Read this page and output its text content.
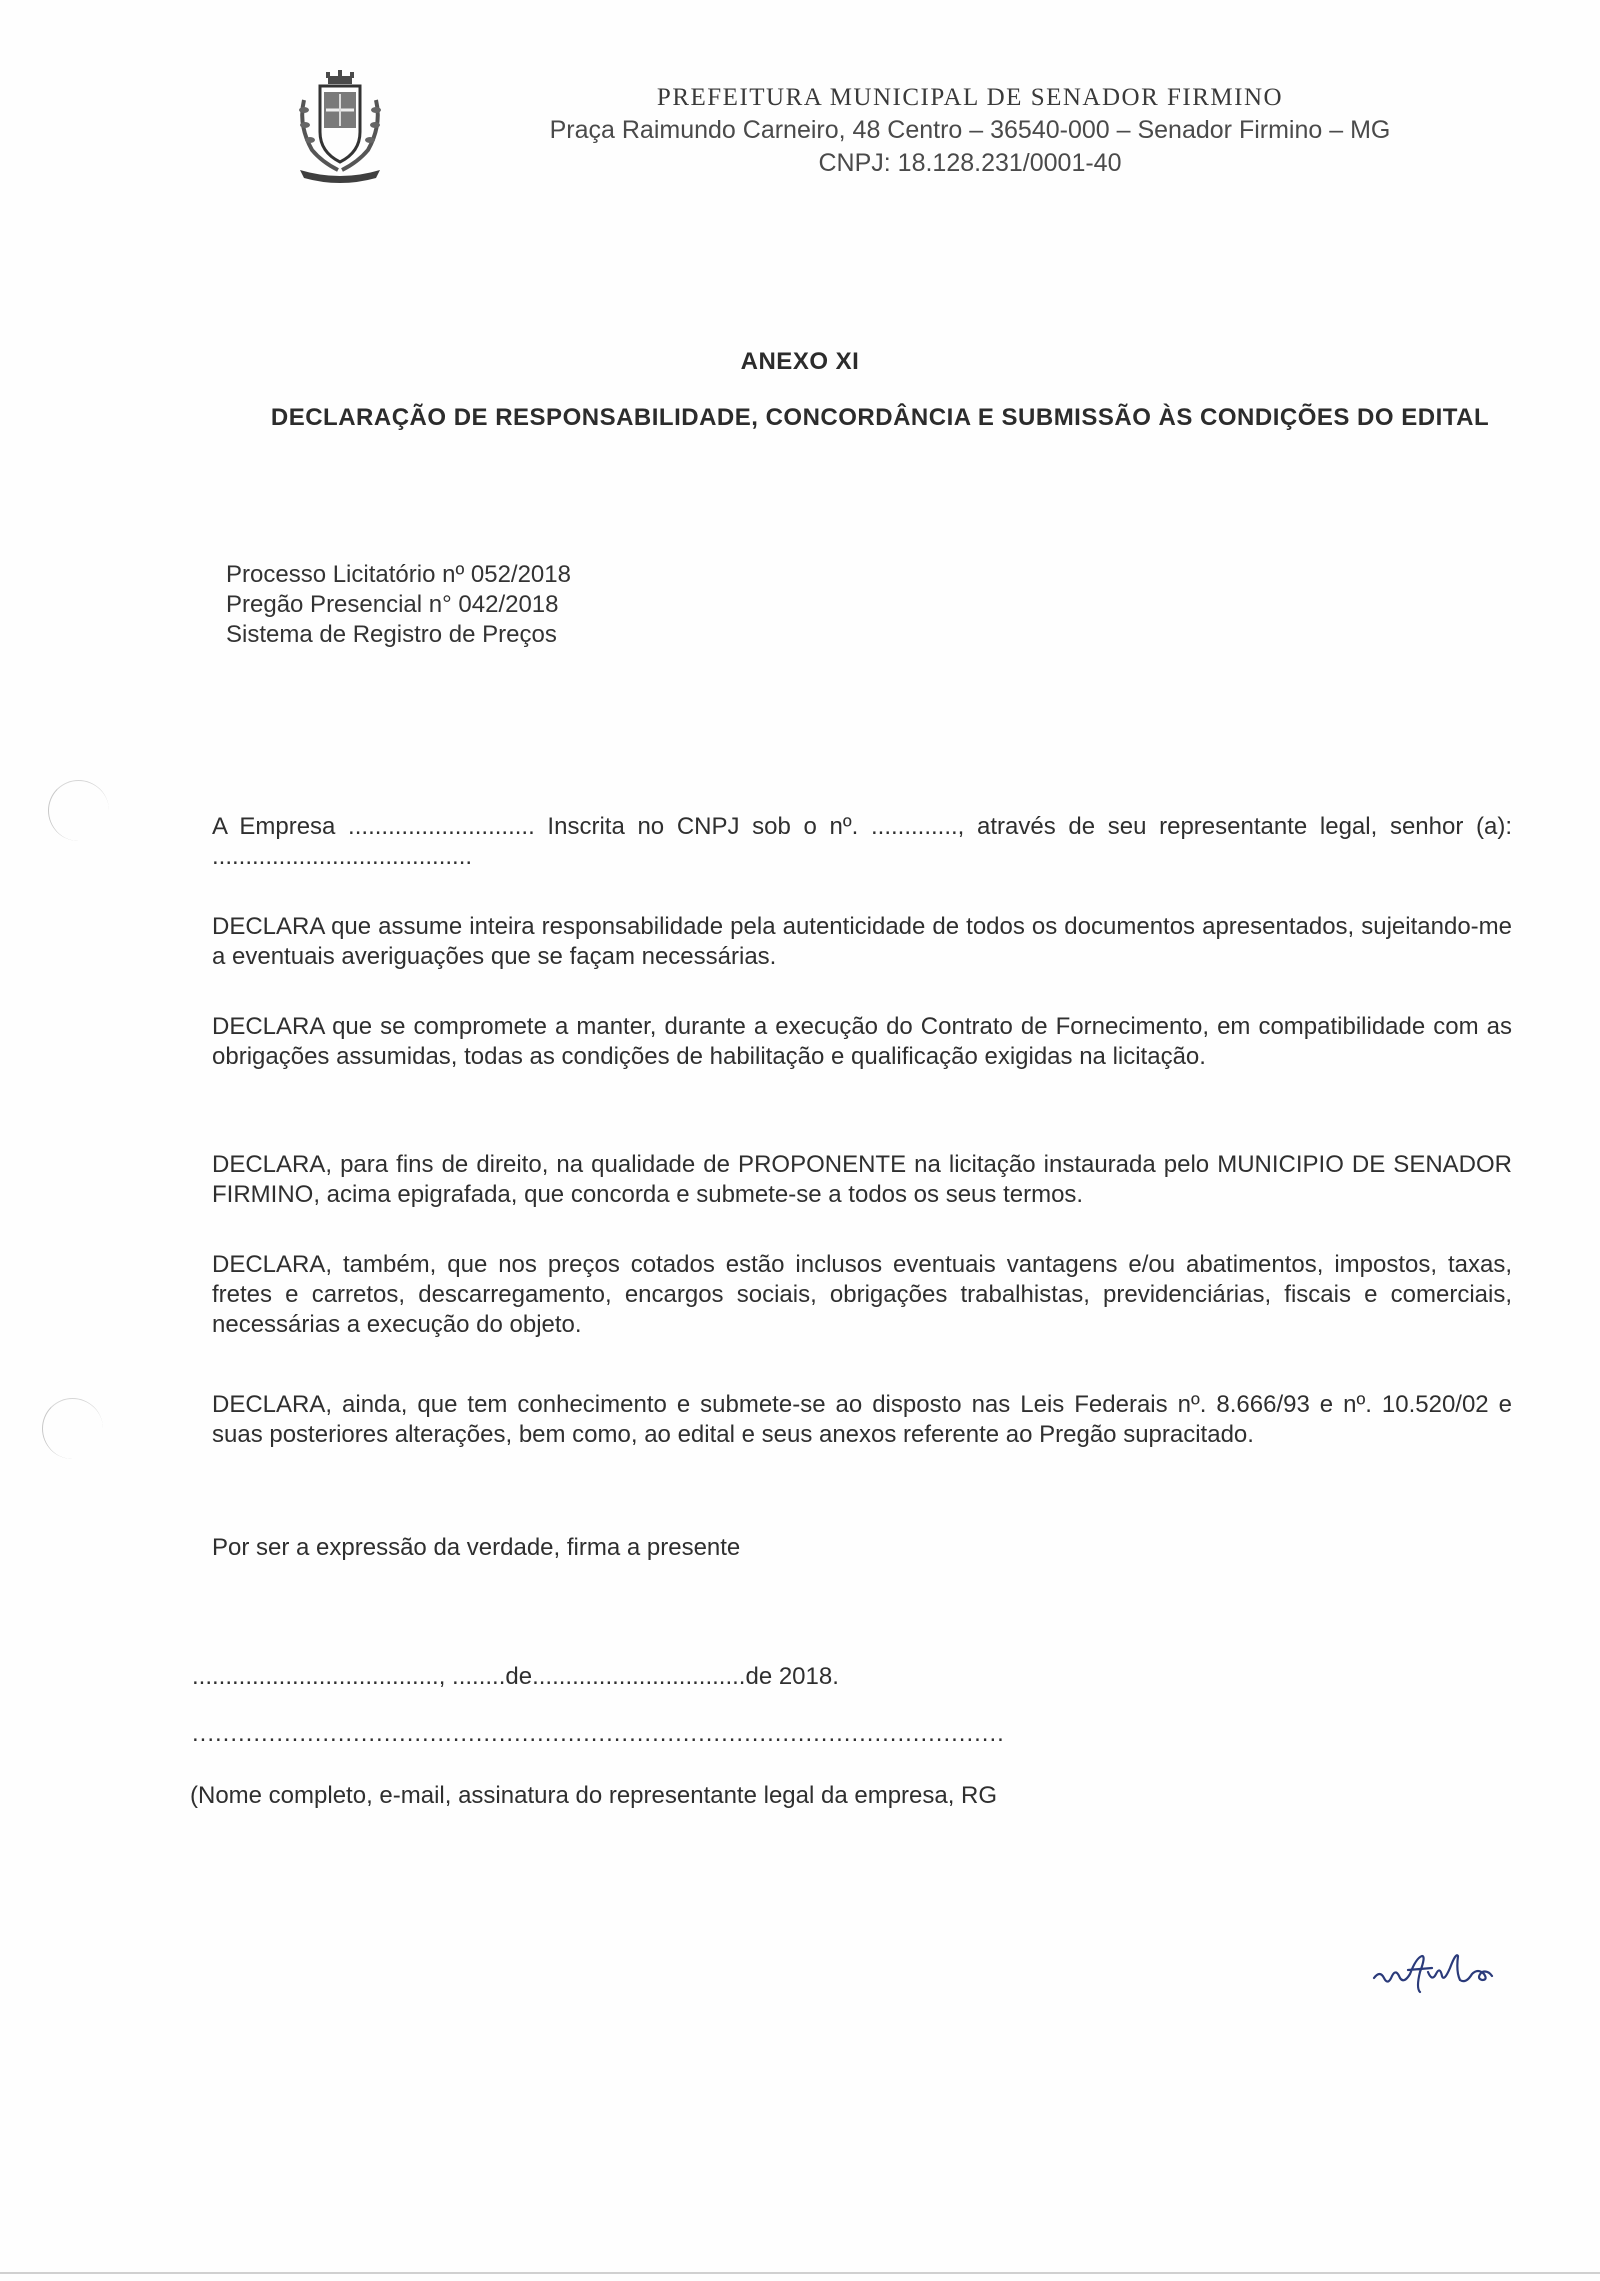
PREFEITURA MUNICIPAL DE SENADOR FIRMINO

Praça Raimundo Carneiro, 48 Centro – 36540-000 – Senador Firmino – MG

CNPJ: 18.128.231/0001-40

ANEXO XI
DECLARAÇÃO DE RESPONSABILIDADE, CONCORDÂNCIA E SUBMISSÃO ÀS CONDIÇÕES DO EDITAL
Processo Licitatório nº 052/2018
Pregão Presencial n° 042/2018
Sistema de Registro de Preços

A Empresa ............................ Inscrita no CNPJ sob o nº. ............., através de seu representante legal, senhor (a): .......................................

DECLARA que assume inteira responsabilidade pela autenticidade de todos os documentos apresentados, sujeitando-me a eventuais averiguações que se façam necessárias.

DECLARA que se compromete a manter, durante a execução do Contrato de Fornecimento, em compatibilidade com as obrigações assumidas, todas as condições de habilitação e qualificação exigidas na licitação.

DECLARA, para fins de direito, na qualidade de PROPONENTE na licitação instaurada pelo MUNICIPIO DE SENADOR FIRMINO, acima epigrafada, que concorda e submete-se a todos os seus termos.

DECLARA, também, que nos preços cotados estão inclusos eventuais vantagens e/ou abatimentos, impostos, taxas, fretes e carretos, descarregamento, encargos sociais, obrigações trabalhistas, previdenciárias, fiscais e comerciais, necessárias a execução do objeto.

DECLARA, ainda, que tem conhecimento e submete-se ao disposto nas Leis Federais nº. 8.666/93 e nº. 10.520/02 e suas posteriores alterações, bem como, ao edital e seus anexos referente ao Pregão supracitado.

Por ser a expressão da verdade, firma a presente

....................................., ........de................................de 2018.
..........................................................................................................
(Nome completo, e-mail, assinatura do representante legal da empresa, RG
